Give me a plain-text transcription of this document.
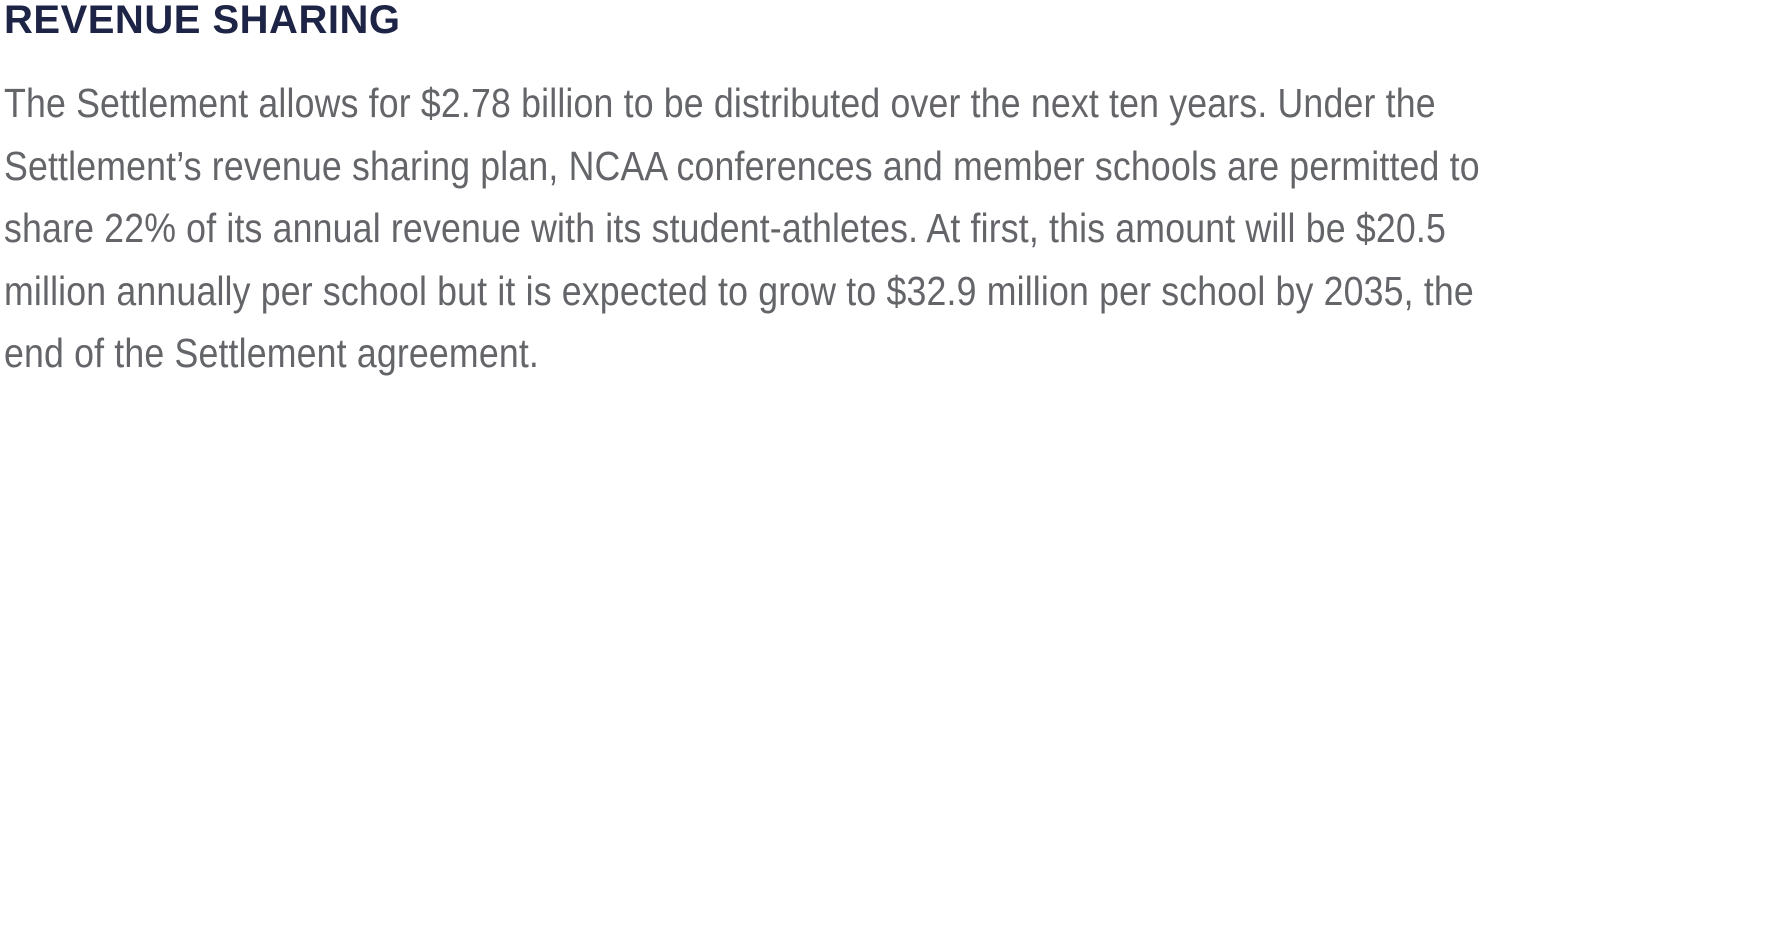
REVENUE SHARING
The Settlement allows for $2.78 billion to be distributed over the next ten years. Under the
Settlement’s revenue sharing plan, NCAA conferences and member schools are permitted to
share 22% of its annual revenue with its student-athletes. At first, this amount will be $20.5
million annually per school but it is expected to grow to $32.9 million per school by 2035, the
end of the Settlement agreement.
